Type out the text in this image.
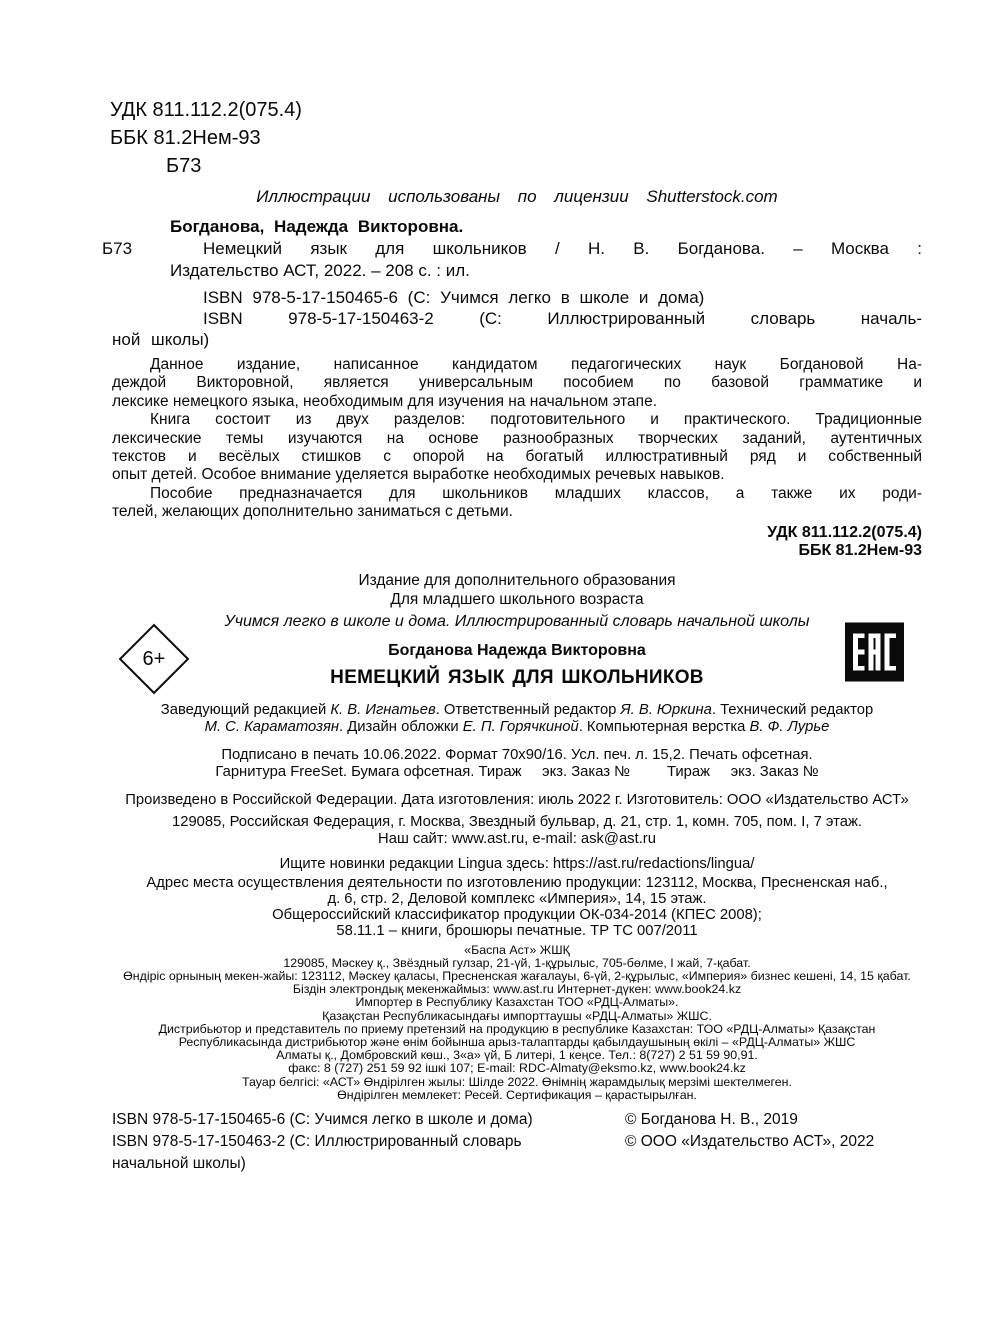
УДК 811.112.2(075.4)
ББК 81.2Нем-93
Б73
Иллюстрации использованы по лицензии Shutterstock.com
Б73
Богданова, Надежда Викторовна.
Немецкий язык для школьников / Н. В. Богданова. – Москва :
Издательство АСТ, 2022. – 208 с. : ил.
ISBN 978-5-17-150465-6 (С: Учимся легко в школе и дома)
ISBN 978-5-17-150463-2 (С: Иллюстрированный словарь началь-
ной школы)
Данное издание, написанное кандидатом педагогических наук Богдановой На-
деждой Викторовной, является универсальным пособием по базовой грамматике и
лексике немецкого языка, необходимым для изучения на начальном этапе.
Книга состоит из двух разделов: подготовительного и практического. Традиционные
лексические темы изучаются на основе разнообразных творческих заданий, аутентичных
текстов и весёлых стишков с опорой на богатый иллюстративный ряд и собственный
опыт детей. Особое внимание уделяется выработке необходимых речевых навыков.
Пособие предназначается для школьников младших классов, а также их роди-
телей, желающих дополнительно заниматься с детьми.
УДК 811.112.2(075.4)
ББК 81.2Нем-93
Издание для дополнительного образования
Для младшего школьного возраста
Учимся легко в школе и дома. Иллюстрированный словарь начальной школы
Богданова Надежда Викторовна
НЕМЕЦКИЙ ЯЗЫК ДЛЯ ШКОЛЬНИКОВ
6+
Заведующий редакцией К. В. Игнатьев. Ответственный редактор Я. В. Юркина. Технический редактор
М. С. Караматозян. Дизайн обложки Е. П. Горячкиной. Компьютерная верстка В. Ф. Лурье
Подписано в печать 10.06.2022. Формат 70х90/16. Усл. печ. л. 15,2. Печать офсетная.
Гарнитура FreeSet. Бумага офсетная. Тираж     экз. Заказ №         Тираж     экз. Заказ №
Произведено в Российской Федерации. Дата изготовления: июль 2022 г. Изготовитель: ООО «Издательство АСТ»
129085, Российская Федерация, г. Москва, Звездный бульвар, д. 21, стр. 1, комн. 705, пом. I, 7 этаж.
Наш сайт: www.ast.ru, e-mail: ask@ast.ru
Ищите новинки редакции Lingua здесь: https://ast.ru/redactions/lingua/
Адрес места осуществления деятельности по изготовлению продукции: 123112, Москва, Пресненская наб.,
д. 6, стр. 2, Деловой комплекс «Империя», 14, 15 этаж.
Общероссийский классификатор продукции ОК-034-2014 (КПЕС 2008);
58.11.1 – книги, брошюры печатные. ТР ТС 007/2011
«Баспа Аст» ЖШҚ
129085, Мәскеу қ., Звёздный гулзар, 21-үй, 1-құрылыс, 705-бөлме, I жай, 7-қабат.
Өндіріс орнының мекен-жайы: 123112, Мәскеу қаласы, Пресненская жағалауы, 6-үй, 2-құрылыс, «Империя» бизнес кешені, 14, 15 қабат.
Біздін электрондық мекенжаймыз: www.ast.ru Интернет-дүкен: www.book24.kz
Импортер в Республику Казахстан ТОО «РДЦ-Алматы».
Қазақстан Республикасындағы импорттаушы «РДЦ-Алматы» ЖШС.
Дистрибьютор и представитель по приему претензий на продукцию в республике Казахстан: ТОО «РДЦ-Алматы» Қазақстан
Республикасында дистрибьютор және өнім бойынша арыз-талаптарды қабылдаушының өкілі – «РДЦ-Алматы» ЖШС
Алматы қ., Домбровский көш., 3«а» үй, Б литері, 1 кеңсе. Тел.: 8(727) 2 51 59 90,91.
факс: 8 (727) 251 59 92 ішкі 107; E-mail: RDC-Almaty@eksmo.kz, www.book24.kz
Тауар белгісі: «АСТ» Өндірілген жылы: Шілде 2022. Өнімнің жарамдылық мерзімі шектелмеген.
Өндірілген мемлекет: Ресей. Сертификация – қарастырылған.
ISBN 978-5-17-150465-6 (С: Учимся легко в школе и дома)
ISBN 978-5-17-150463-2 (С: Иллюстрированный словарь
начальной школы)
© Богданова Н. В., 2019
© ООО «Издательство АСТ», 2022
